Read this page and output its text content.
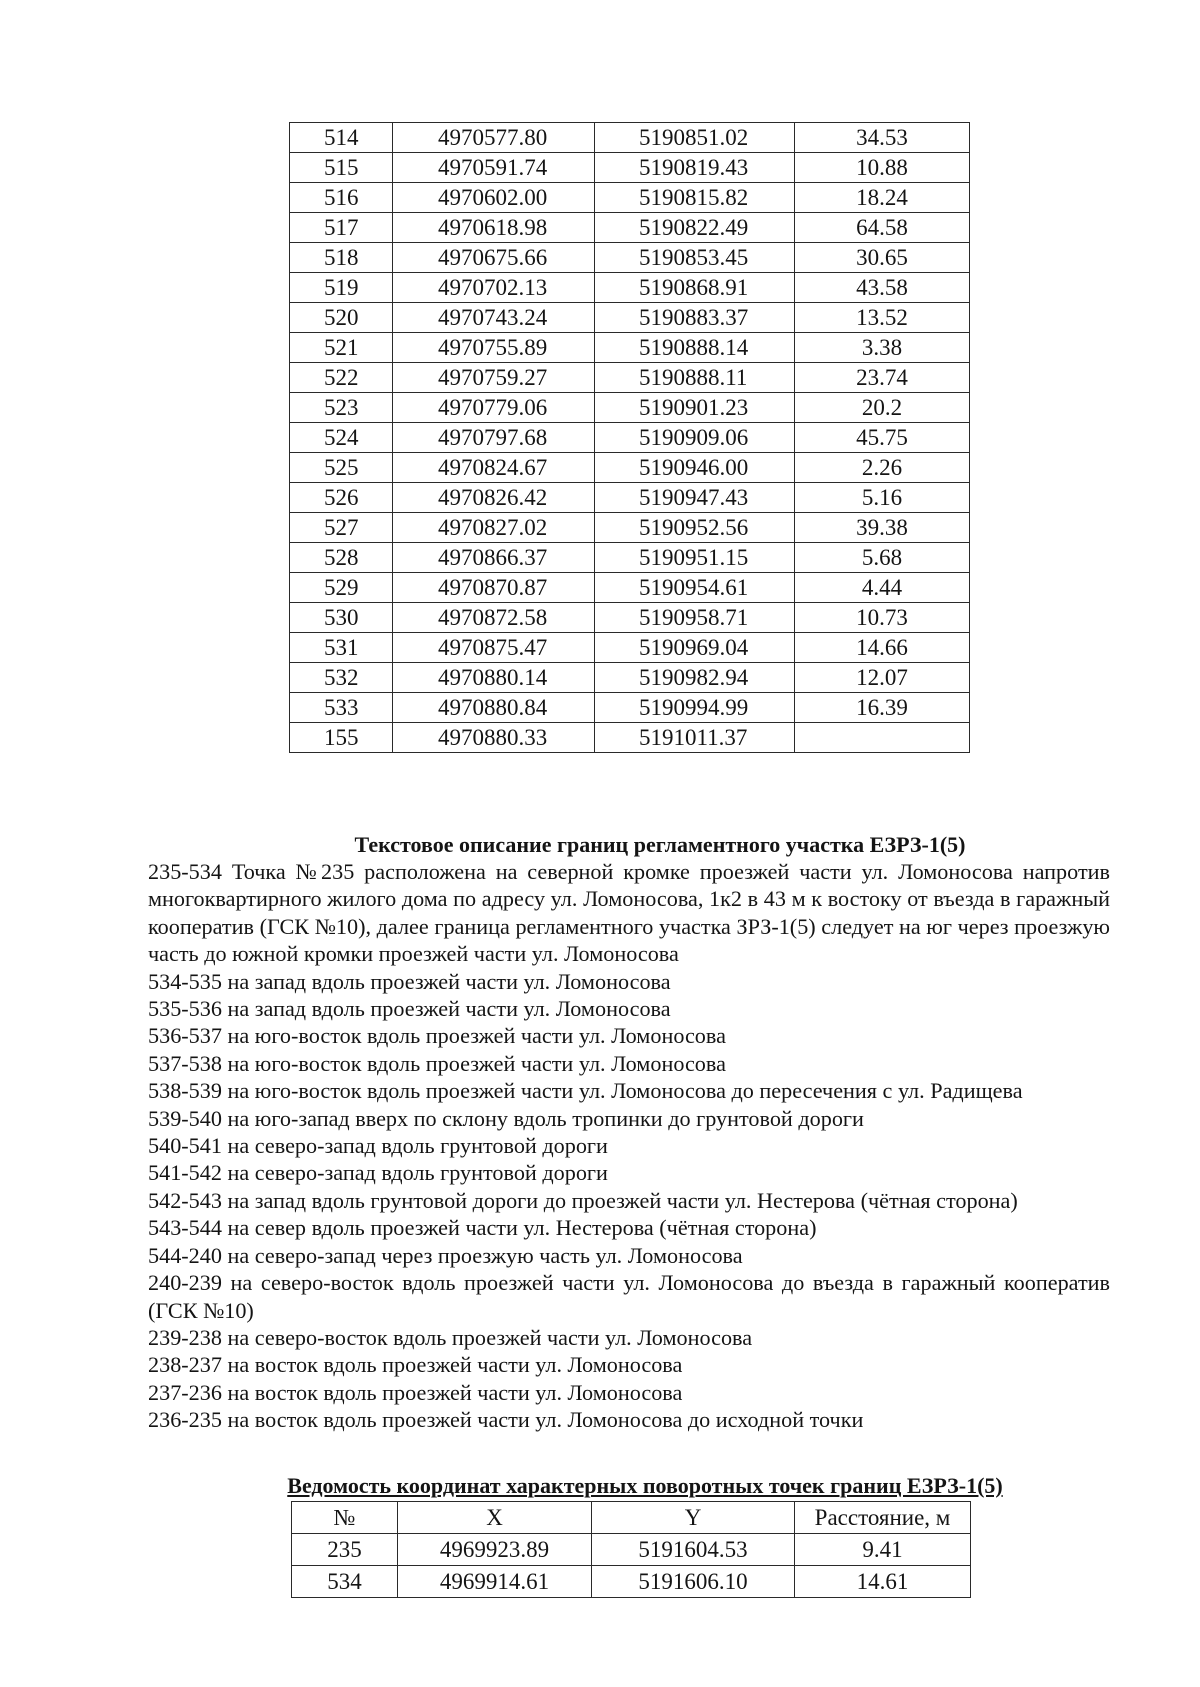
514	4970577.80	5190851.02	34.53
515	4970591.74	5190819.43	10.88
516	4970602.00	5190815.82	18.24
517	4970618.98	5190822.49	64.58
518	4970675.66	5190853.45	30.65
519	4970702.13	5190868.91	43.58
520	4970743.24	5190883.37	13.52
521	4970755.89	5190888.14	3.38
522	4970759.27	5190888.11	23.74
523	4970779.06	5190901.23	20.2
524	4970797.68	5190909.06	45.75
525	4970824.67	5190946.00	2.26
526	4970826.42	5190947.43	5.16
527	4970827.02	5190952.56	39.38
528	4970866.37	5190951.15	5.68
529	4970870.87	5190954.61	4.44
530	4970872.58	5190958.71	10.73
531	4970875.47	5190969.04	14.66
532	4970880.14	5190982.94	12.07
533	4970880.84	5190994.99	16.39
155	4970880.33	5191011.37	
Текстовое описание границ регламентного участка ЕЗРЗ-1(5)

235-534 Точка №235 расположена на северной кромке проезжей части ул. Ломоносова напротив многоквартирного жилого дома по адресу ул. Ломоносова, 1к2 в 43 м к востоку от въезда в гаражный кооператив (ГСК №10), далее граница регламентного участка ЗРЗ-1(5) следует на юг через проезжую часть до южной кромки проезжей части ул. Ломоносова

534-535 на запад вдоль проезжей части ул. Ломоносова

535-536 на запад вдоль проезжей части ул. Ломоносова

536-537 на юго-восток вдоль проезжей части ул. Ломоносова

537-538 на юго-восток вдоль проезжей части ул. Ломоносова

538-539 на юго-восток вдоль проезжей части ул. Ломоносова до пересечения с ул. Радищева

539-540 на юго-запад вверх по склону вдоль тропинки до грунтовой дороги

540-541 на северо-запад вдоль грунтовой дороги

541-542 на северо-запад вдоль грунтовой дороги

542-543 на запад вдоль грунтовой дороги до проезжей части ул. Нестерова (чётная сторона)

543-544 на север вдоль проезжей части ул. Нестерова (чётная сторона)

544-240 на северо-запад через проезжую часть ул. Ломоносова

240-239 на северо-восток вдоль проезжей части ул. Ломоносова до въезда в гаражный кооператив (ГСК №10)

239-238 на северо-восток вдоль проезжей части ул. Ломоносова

238-237 на восток вдоль проезжей части ул. Ломоносова

237-236 на восток вдоль проезжей части ул. Ломоносова

236-235 на восток вдоль проезжей части ул. Ломоносова до исходной точки

Ведомость координат характерных поворотных точек границ ЕЗРЗ-1(5)
№	X	Y	Расстояние, м
235	4969923.89	5191604.53	9.41
534	4969914.61	5191606.10	14.61
